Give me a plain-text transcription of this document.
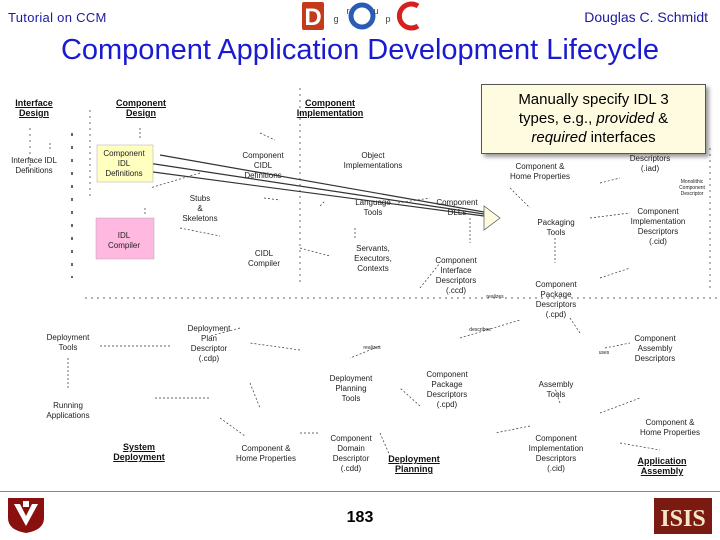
Tutorial on CCM	D g
r	u
p	Douglas C. Schmidt
Component Application Development Lifecycle
Interface
Design
Component
Design
Component
Implementation
Interface IDL
Definitions
Component
IDL
Definitions
Component
CIDL
Definitions
Object
Implementations
Stubs
&
Skeletons
IDL
Compiler
Language
Tools
Component
DLLs
CIDL
Compiler
Servants,
Executors,
Contexts
Component &
Home Properties
Descriptors
(.iad)
Monolithic
Component
Descriptor
Packaging
Tools
Component
Implementation
Descriptors
(.cid)
Component
Interface
Descriptors
(.ccd)
realizes
Component
Package
Descriptors
(.cpd)
describes
Deployment
Tools
Deployment
Plan
Descriptor
(.cdp)
realizes
uses
Component
Assembly
Descriptors
Running
Applications
Deployment
Planning
Tools
Component
Package
Descriptors
(.cpd)
Assembly
Tools
Component &
Home Properties
System
Deployment
Component &
Home Properties
Component
Domain
Descriptor
(.cdd)
Deployment
Planning
Component
Implementation
Descriptors
(.cid)
Application
Assembly
Manually specify IDL 3
types, e.g., provided &
required interfaces
183	ISIS
